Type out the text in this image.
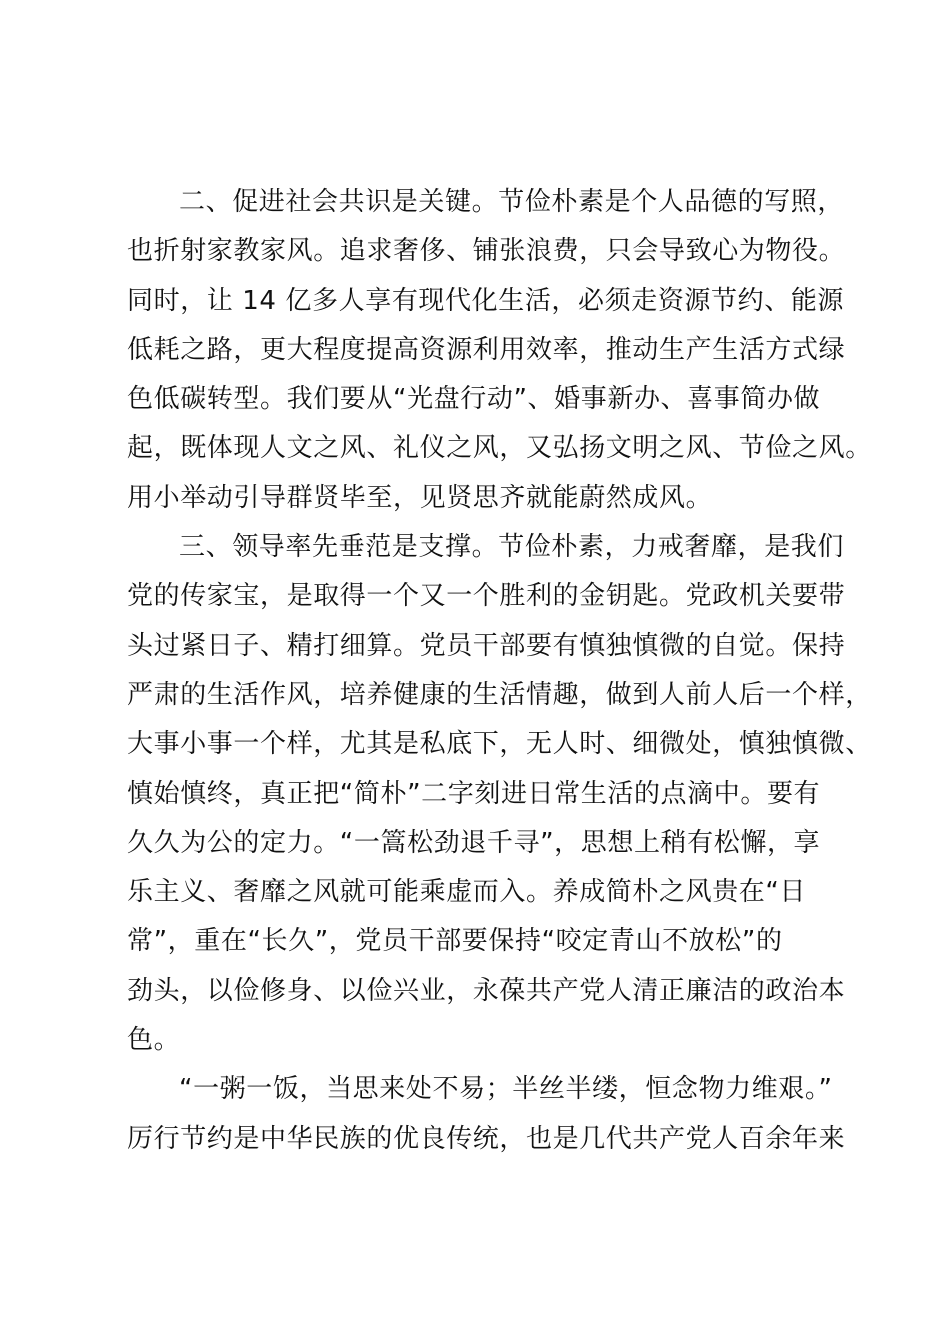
二、促进社会共识是关键。节俭朴素是个人品德的写照，
也折射家教家风。追求奢侈、铺张浪费，只会导致心为物役。
同时，让 14 亿多人享有现代化生活，必须走资源节约、能源
低耗之路，更大程度提高资源利用效率，推动生产生活方式绿
色低碳转型。我们要从“光盘行动”、婚事新办、喜事简办做
起，既体现人文之风、礼仪之风，又弘扬文明之风、节俭之风。
用小举动引导群贤毕至，见贤思齐就能蔚然成风。
三、领导率先垂范是支撑。节俭朴素，力戒奢靡，是我们
党的传家宝，是取得一个又一个胜利的金钥匙。党政机关要带
头过紧日子、精打细算。党员干部要有慎独慎微的自觉。保持
严肃的生活作风，培养健康的生活情趣，做到人前人后一个样，
大事小事一个样，尤其是私底下，无人时、细微处，慎独慎微、
慎始慎终，真正把“简朴”二字刻进日常生活的点滴中。要有
久久为公的定力。“一篙松劲退千寻”，思想上稍有松懈，享
乐主义、奢靡之风就可能乘虚而入。养成简朴之风贵在“日
常”，重在“长久”，党员干部要保持“咬定青山不放松”的
劲头，以俭修身、以俭兴业，永葆共产党人清正廉洁的政治本
色。
“一粥一饭，当思来处不易；半丝半缕，恒念物力维艰。”
厉行节约是中华民族的优良传统，也是几代共产党人百余年来
